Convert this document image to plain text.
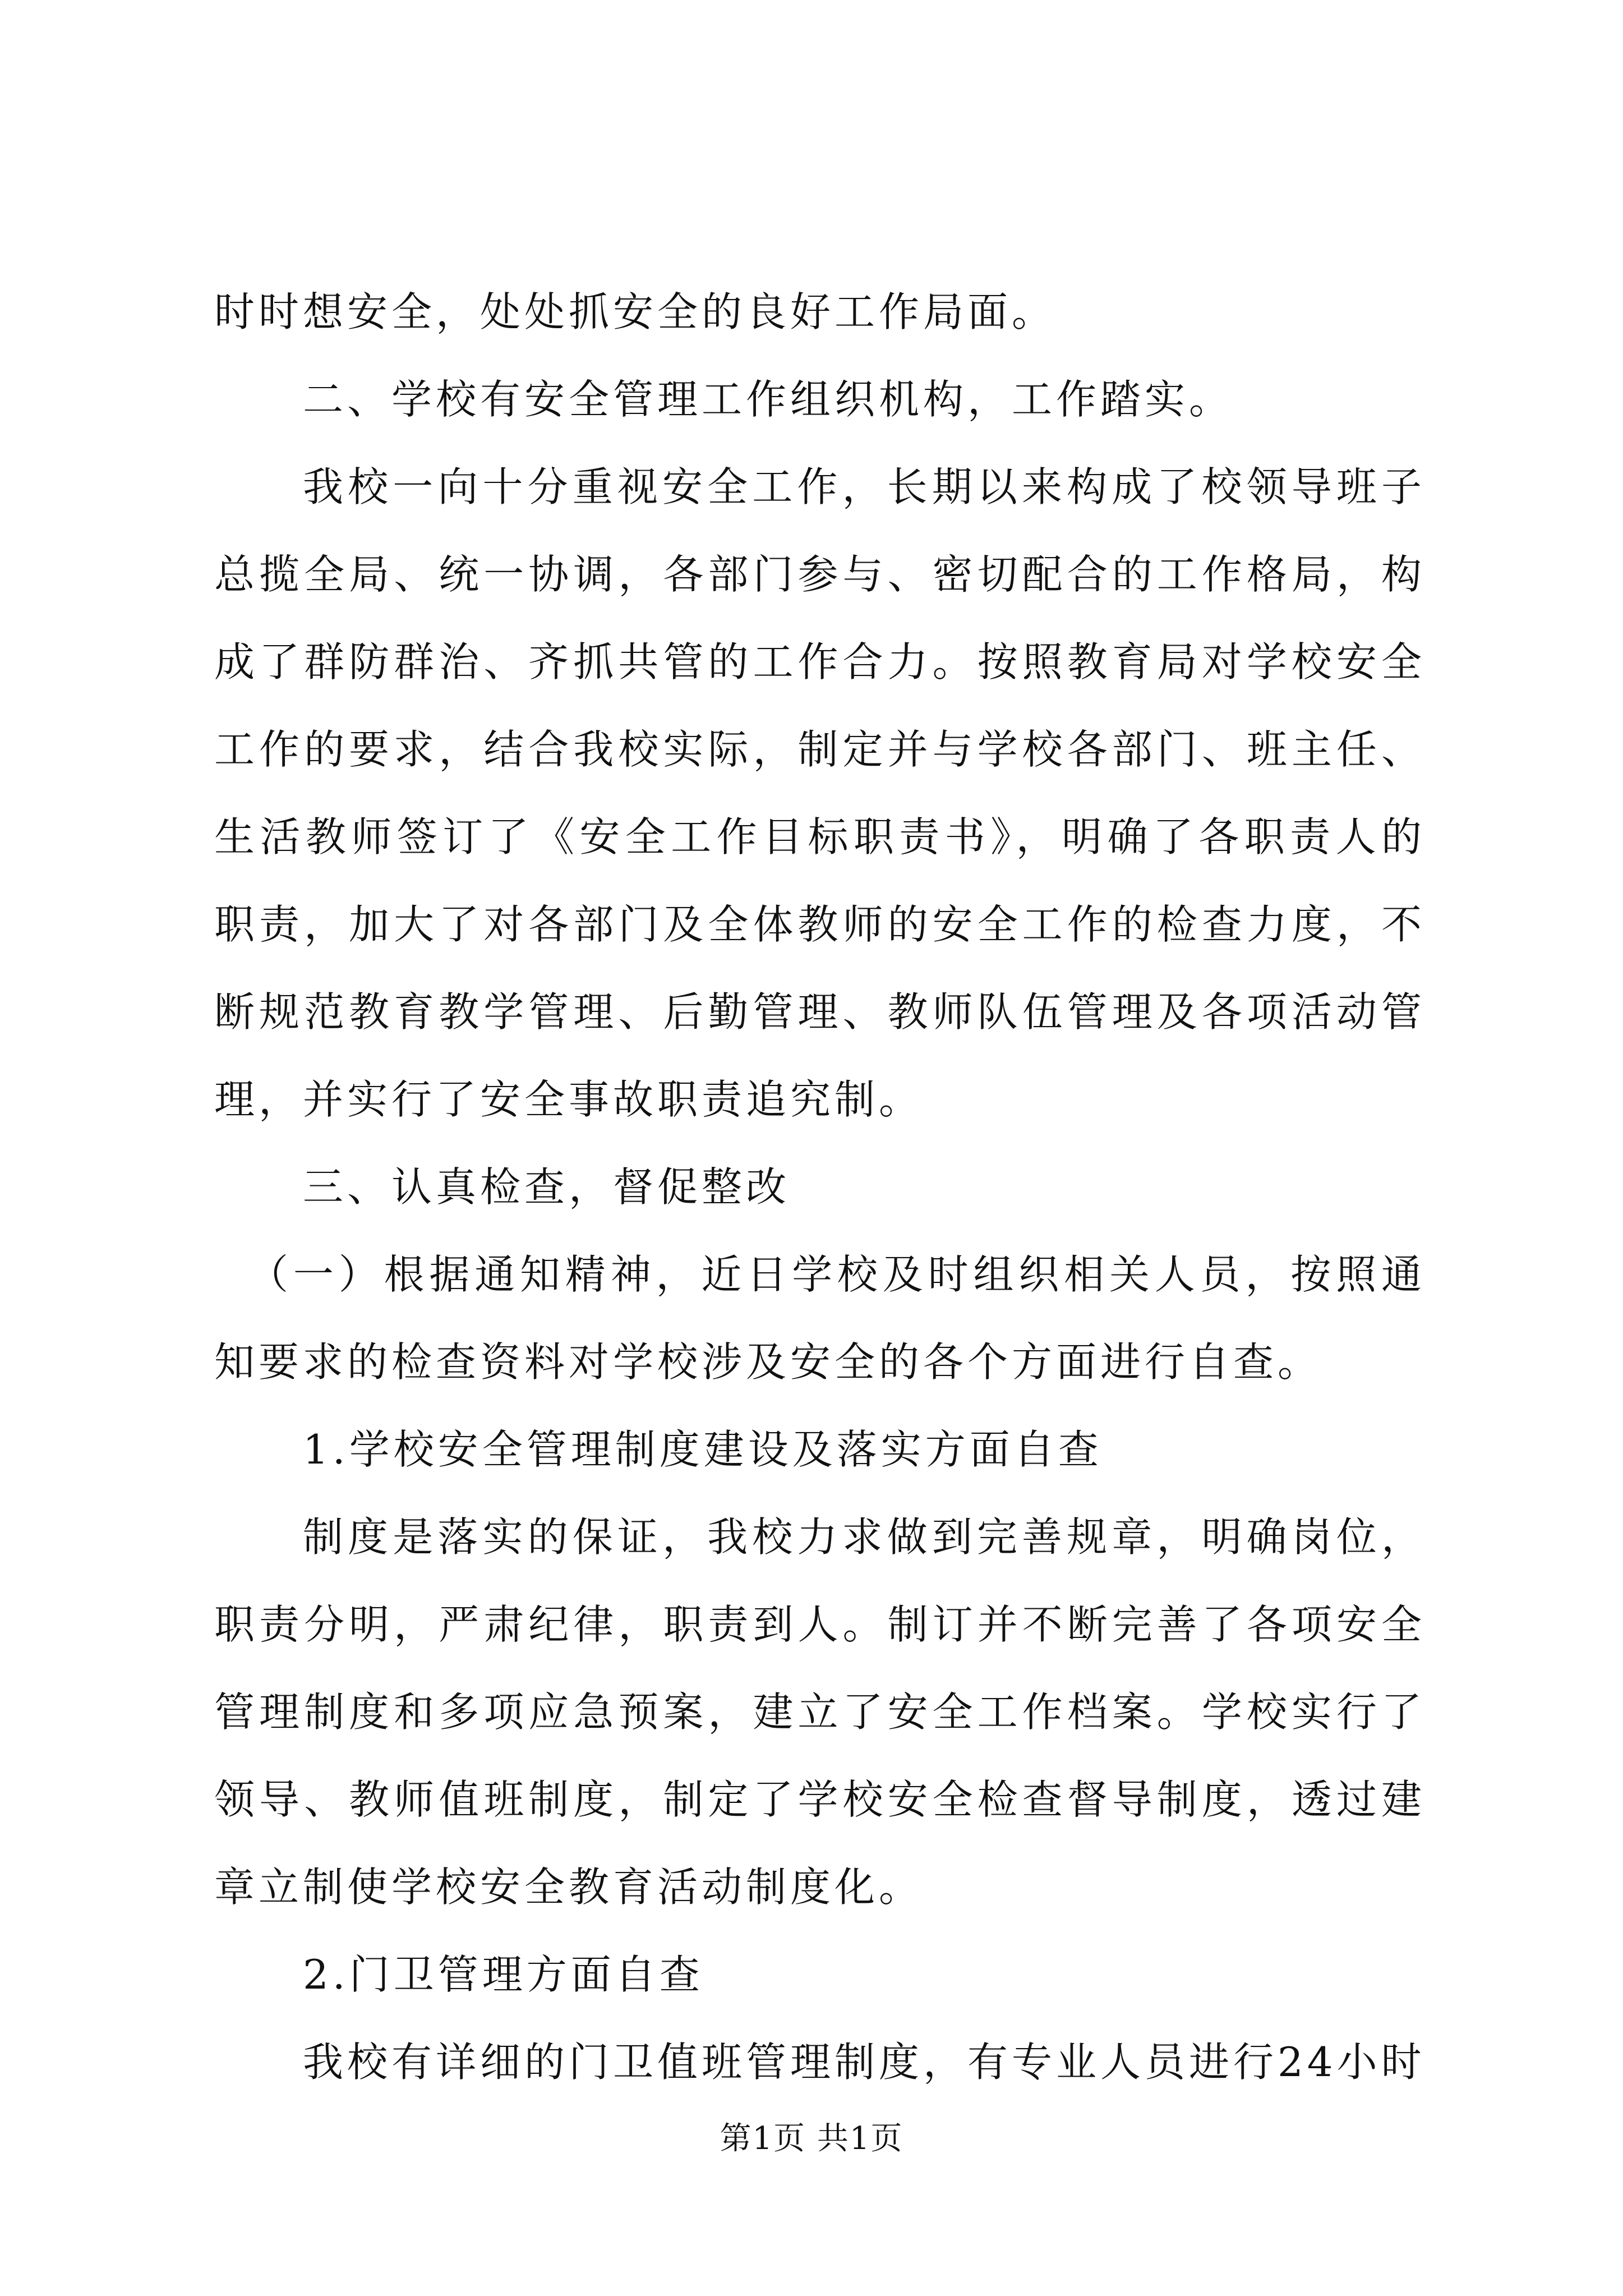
时时想安全，处处抓安全的良好工作局面。

二、学校有安全管理工作组织机构，工作踏实。

我校一向十分重视安全工作，长期以来构成了校领导班子总揽全局、统一协调，各部门参与、密切配合的工作格局，构成了群防群治、齐抓共管的工作合力。按照教育局对学校安全工作的要求，结合我校实际，制定并与学校各部门、班主任、生活教师签订了《安全工作目标职责书》，明确了各职责人的职责，加大了对各部门及全体教师的安全工作的检查力度，不断规范教育教学管理、后勤管理、教师队伍管理及各项活动管理，并实行了安全事故职责追究制。

三、认真检查，督促整改

（一）根据通知精神，近日学校及时组织相关人员，按照通知要求的检查资料对学校涉及安全的各个方面进行自查。

1.学校安全管理制度建设及落实方面自查

制度是落实的保证，我校力求做到完善规章，明确岗位，职责分明，严肃纪律，职责到人。制订并不断完善了各项安全管理制度和多项应急预案，建立了安全工作档案。学校实行了领导、教师值班制度，制定了学校安全检查督导制度，透过建章立制使学校安全教育活动制度化。

2.门卫管理方面自查

我校有详细的门卫值班管理制度，有专业人员进行24小时

第1页 共1页
